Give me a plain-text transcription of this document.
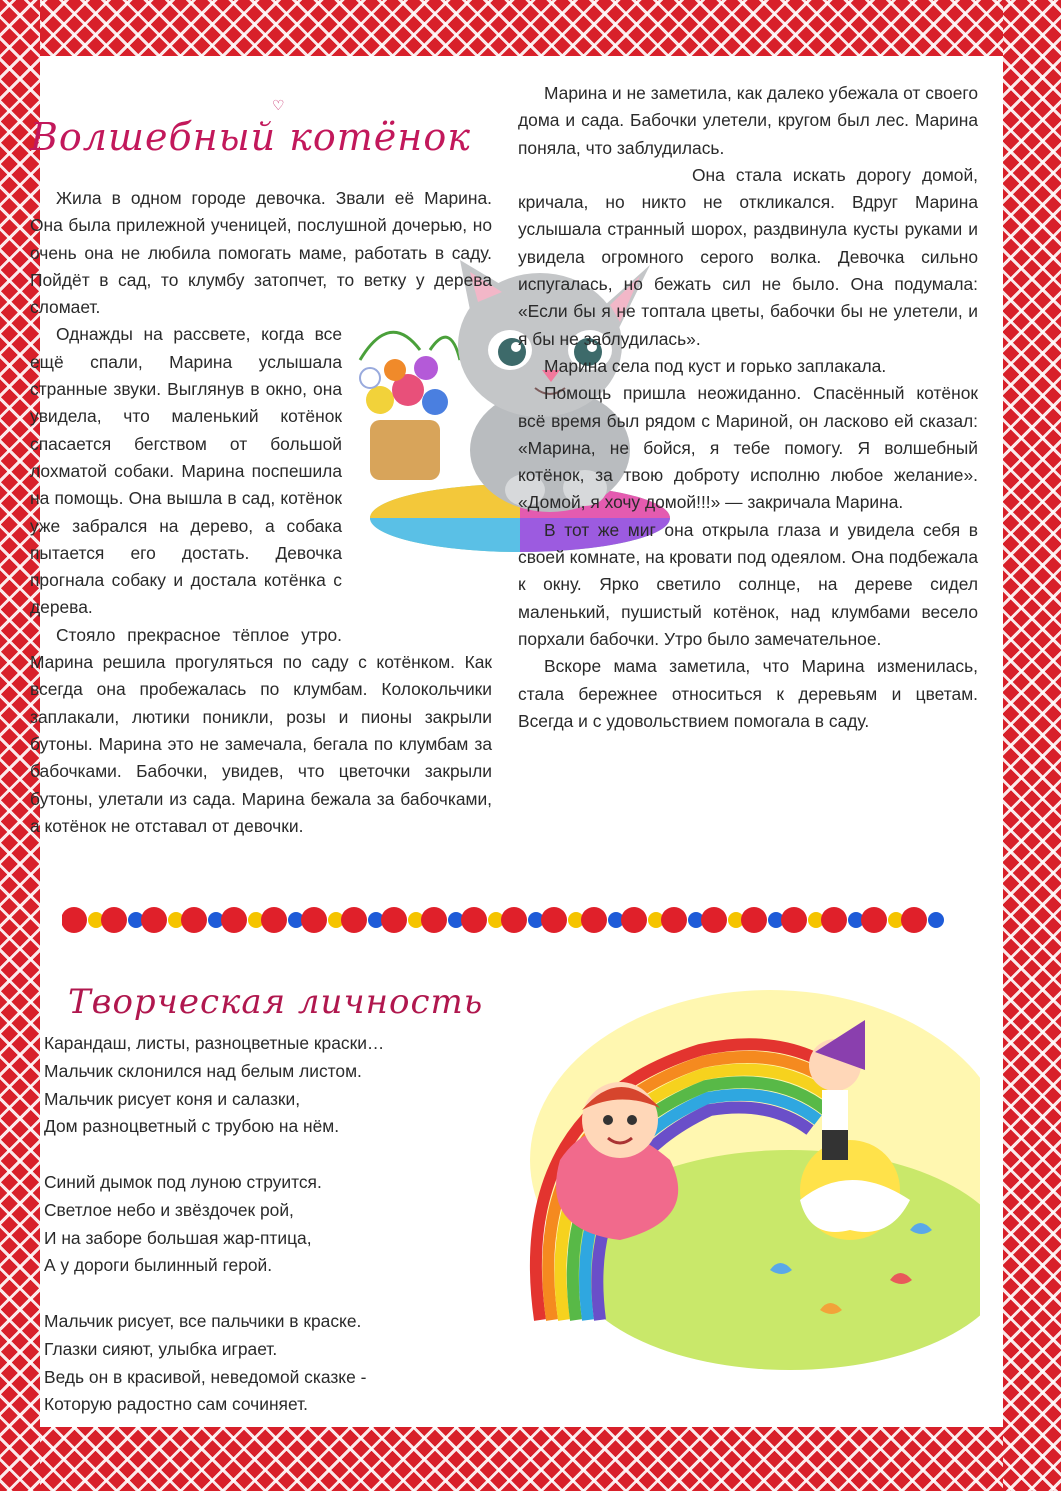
Волшебный котёнок
♡

Жила в одном городе девочка. Звали её Марина. Она была прилежной ученицей, послушной дочерью, но очень она не любила помогать маме, работать в саду. Пойдёт в сад, то клумбу затопчет, то ветку у дерева сломает.

Однажды на рассвете, когда все ещё спали, Марина услышала странные звуки. Выглянув в окно, она увидела, что маленький котёнок спасается бегством от большой лохматой собаки. Марина поспешила на помощь. Она вышла в сад, котёнок уже забрался на дерево, а собака пытается его достать. Девочка прогнала собаку и достала котёнка с дерева.

Стояло прекрасное тёплое утро. Марина решила прогуляться по саду с котёнком. Как всегда она пробежалась по клумбам. Колокольчики заплакали, лютики поникли, розы и пионы закрыли бутоны. Марина это не замечала, бегала по клумбам за бабочками. Бабочки, увидев, что цветочки закрыли бутоны, улетали из сада. Марина бежала за бабочками, а котёнок не отставал от девочки.

Марина и не заметила, как далеко убежала от своего дома и сада. Бабочки улетели, кругом был лес. Марина поняла, что заблудилась.

Она стала искать дорогу домой, кричала, но никто не откликался. Вдруг Марина услышала странный шорох, раздвинула кусты руками и увидела огромного серого волка. Девочка сильно испугалась, но бежать сил не было. Она подумала: «Если бы я не топтала цветы, бабочки бы не улетели, и я бы не заблудилась».

Марина села под куст и горько заплакала.

Помощь пришла неожиданно. Спасённый котёнок всё время был рядом с Мариной, он ласково ей сказал: «Марина, не бойся, я тебе помогу. Я волшебный котёнок, за твою доброту исполню любое желание». «Домой, я хочу домой!!!» — закричала Марина.

В тот же миг она открыла глаза и увидела себя в своей комнате, на кровати под одеялом. Она подбежала к окну. Ярко светило солнце, на дереве сидел маленький, пушистый котёнок, над клумбами весело порхали бабочки. Утро было замечательное.

Вскоре мама заметила, что Марина изменилась, стала бережнее относиться к деревьям и цветам. Всегда и с удовольствием помогала в саду.

Творческая личность
Карандаш, листы, разноцветные краски…
Мальчик склонился над белым листом.
Мальчик рисует коня и салазки,
Дом разноцветный с трубою на нём.
Синий дымок под луною струится.
Светлое небо и звёздочек рой,
И на заборе большая жар-птица,
А у дороги былинный герой.
Мальчик рисует, все пальчики в краске.
Глазки сияют, улыбка играет.
Ведь он в красивой, неведомой сказке -
Которую радостно сам сочиняет.
